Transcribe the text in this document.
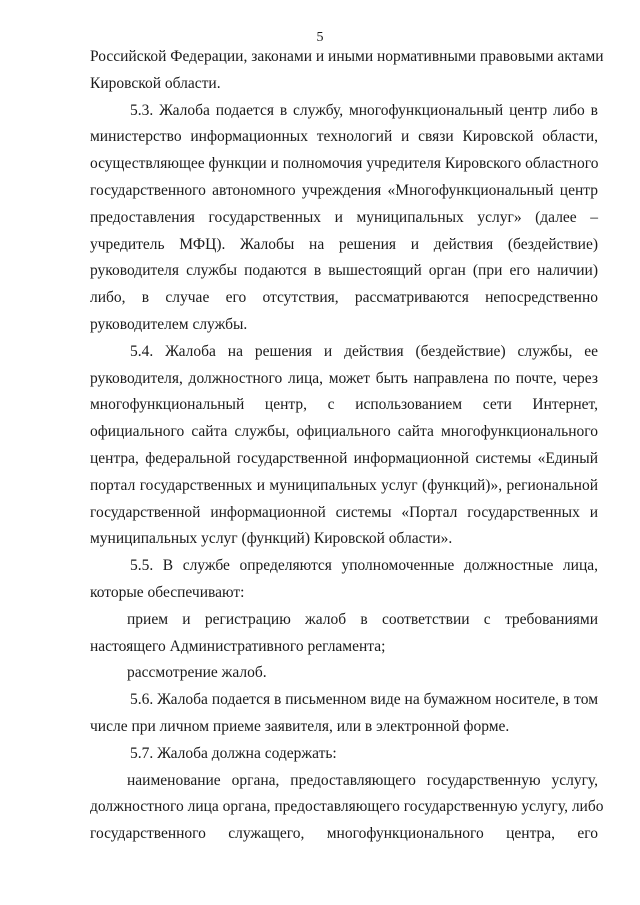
5
Российской Федерации, законами и иными нормативными правовыми актами
Кировской области.
5.3. Жалоба подается в службу, многофункциональный центр либо в
министерство информационных технологий и связи Кировской области,
осуществляющее функции и полномочия учредителя Кировского областного
государственного автономного учреждения «Многофункциональный центр
предоставления государственных и муниципальных услуг» (далее –
учредитель МФЦ). Жалобы на решения и действия (бездействие)
руководителя службы подаются в вышестоящий орган (при его наличии)
либо, в случае его отсутствия, рассматриваются непосредственно
руководителем службы.
5.4. Жалоба на решения и действия (бездействие) службы, ее
руководителя, должностного лица, может быть направлена по почте, через
многофункциональный центр, с использованием сети Интернет,
официального сайта службы, официального сайта многофункционального
центра, федеральной государственной информационной системы «Единый
портал государственных и муниципальных услуг (функций)», региональной
государственной информационной системы «Портал государственных и
муниципальных услуг (функций) Кировской области».
5.5. В службе определяются уполномоченные должностные лица,
которые обеспечивают:
прием и регистрацию жалоб в соответствии с требованиями
настоящего Административного регламента;
рассмотрение жалоб.
5.6. Жалоба подается в письменном виде на бумажном носителе, в том
числе при личном приеме заявителя, или в электронной форме.
5.7. Жалоба должна содержать:
наименование органа, предоставляющего государственную услугу,
должностного лица органа, предоставляющего государственную услугу, либо
государственного служащего, многофункционального центра, его
